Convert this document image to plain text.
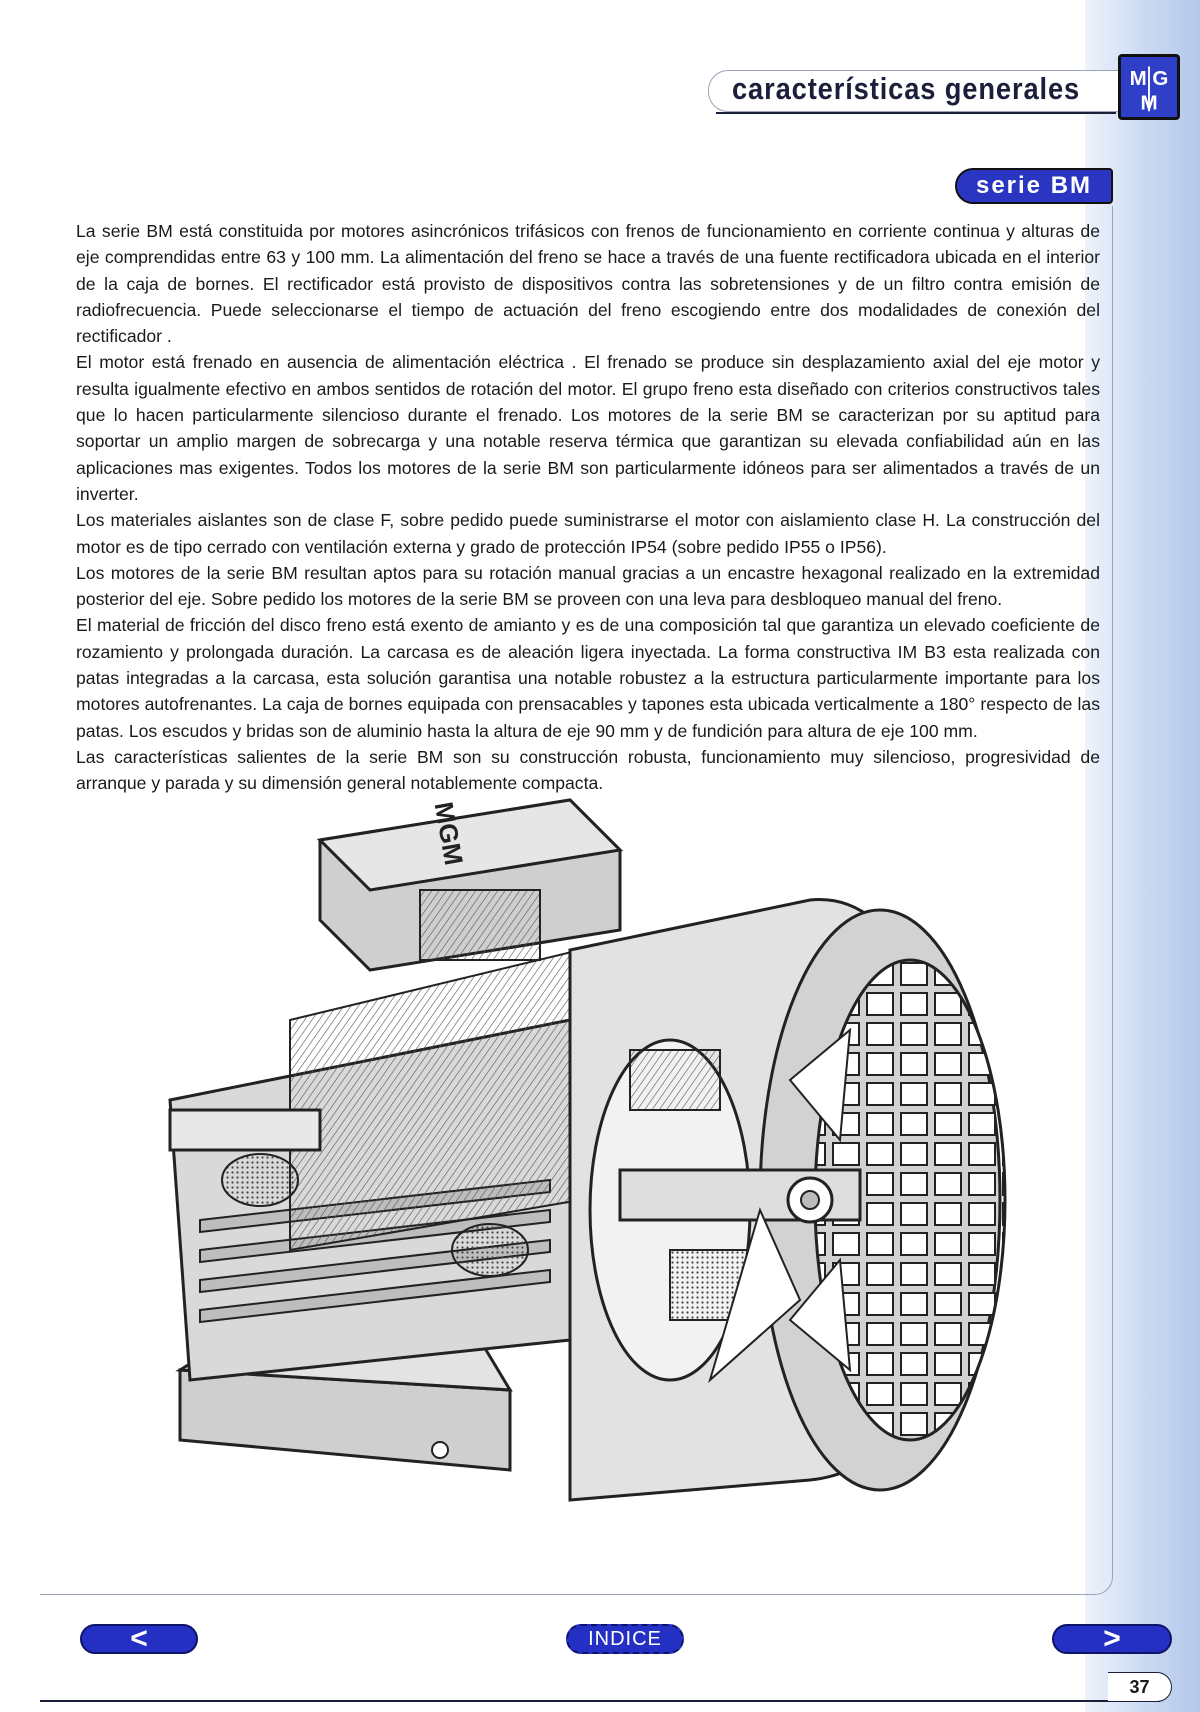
características generales M G
M
serie BM

La serie BM está constituida por motores asincrónicos trifásicos con frenos de funcionamiento en corriente continua y alturas de eje comprendidas entre 63 y 100 mm. La alimentación del freno se hace a través de una fuente rectificadora ubicada en el interior de la caja de bornes. El rectificador está provisto de dispositivos contra las sobretensiones y de un filtro contra emisión de radiofrecuencia. Puede seleccionarse el tiempo de actuación del freno escogiendo entre dos modalidades de conexión del rectificador .

El motor está frenado en ausencia de alimentación eléctrica . El frenado se produce sin desplazamiento axial del eje motor y resulta igualmente efectivo en ambos sentidos de rotación del motor. El grupo freno esta diseñado con criterios constructivos tales que lo hacen particularmente silencioso durante el frenado. Los motores de la serie BM se caracterizan por su aptitud para soportar un amplio margen de sobrecarga y una notable reserva térmica que garantizan su elevada confiabilidad aún en las aplicaciones mas exigentes. Todos los motores de la serie BM son particularmente idóneos para ser alimentados a través de un inverter.

Los materiales aislantes son de clase F, sobre pedido puede suministrarse el motor con aislamiento clase H. La construcción del motor es de tipo cerrado con ventilación externa y grado de protección IP54 (sobre pedido IP55 o IP56).

Los motores de la serie BM resultan aptos para su rotación manual gracias a un encastre hexagonal realizado en la extremidad posterior del eje. Sobre pedido los motores de la serie BM se proveen con una leva para desbloqueo manual del freno.

El material de fricción del disco freno está exento de amianto y es de una composición tal que garantiza un elevado coeficiente de rozamiento y prolongada duración. La carcasa es de aleación ligera inyectada. La forma constructiva IM B3 esta realizada con patas integradas a la carcasa, esta solución garantisa una notable robustez a la estructura particularmente importante para los motores autofrenantes. La caja de bornes equipada con prensacables y tapones esta ubicada verticalmente a 180° respecto de las patas. Los escudos y bridas son de aluminio hasta la altura de eje 90 mm y de fundición para altura de eje 100 mm.

Las características salientes de la serie BM son su construcción robusta, funcionamiento muy silencioso, progresividad de arranque y parada y su dimensión general notablemente compacta.

MGM
<	INDICE	>
37
